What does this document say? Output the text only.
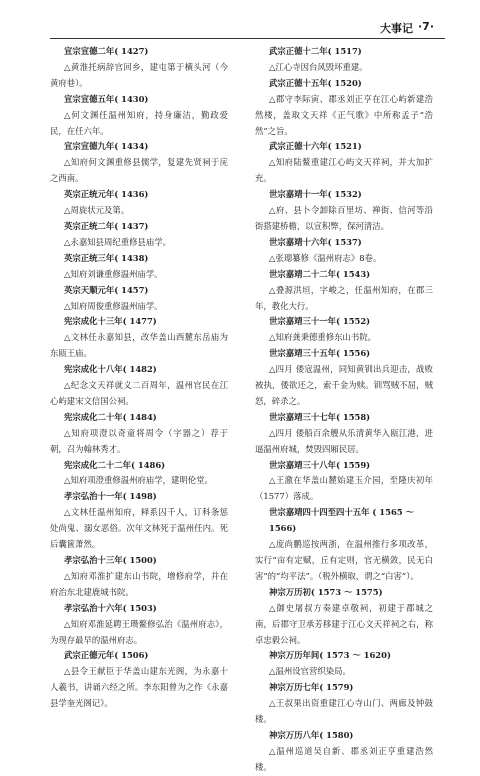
大事记 ·7·

宣宗宣德二年( 1427)

△黄淮托病辞官回乡，建屯第于横头河（今黄府巷）。

宣宗宣德五年( 1430)

△何文渊任温州知府，持身廉洁，勤政爱民，在任六年。

宣宗宣德九年( 1434)

△知府何文渊重修县儒学，复建先贤祠于庑之西南。

英宗正统元年( 1436)

△周旋状元及第。

英宗正统二年( 1437)

△永嘉知县周纪重修县庙学。

英宗正统三年( 1438)

△知府刘谦重修温州庙学。

英宗天顺元年( 1457)

△知府周俊重修温州庙学。

宪宗成化十三年( 1477)

△文林任永嘉知县，改华盖山西麓东岳庙为东瓯王庙。

宪宗成化十八年( 1482)

△纪念文天祥就义二百周年，温州官民在江心屿建宋文信国公祠。

宪宗成化二十年( 1484)

△知府项澄以奇童将周令（字器之）荐于朝，召为翰林秀才。

宪宗成化二十二年( 1486)

△知府项澄重修温州府庙学，建明伦堂。

孝宗弘治十一年( 1498)

△文林任温州知府，释系囚千人，订科条惩处尚鬼、溺女恶俗。次年文林死于温州任内。死后囊篋萧然。

孝宗弘治十三年( 1500)

△知府邓淮扩建东山书院，增修府学，并在府治东北建鹿城书院。

孝宗弘治十六年( 1503)

△知府邓淮延聘王瓒鳌修弘治《温州府志》，为现存最早的温州府志。

武宗正德元年( 1506)

△县令王献臣于华盖山建东光阁，为永嘉十人羲书，讲诵六经之所。李东阳曾为之作《永嘉县学奎光阁记》。

武宗正德十二年( 1517)

△江心寺因台风毁坏重建。

武宗正德十五年( 1520)

△郡守李际寅、郡丞刘正亨在江心屿新建浩然楼，盖取文天祥《正气歌》中所称孟子“浩然”之旨。

武宗正德十六年( 1521)

△知府陆鳌重建江心屿文天祥祠，并大加扩充。

世宗嘉靖十一年( 1532)

△府、县卜令卸除百里坊、禅街、信河等沿街搭建桥檐，以宣积弊，保河清洁。

世宗嘉靖十六年( 1537)

△张璁纂修《温州府志》8卷。

世宗嘉靖二十二年( 1543)

△叠源洪垣，字峻之，任温州知府，在郡三年，教化大行。

世宗嘉靖三十一年( 1552)

△知府龚秉德重修东山书院。

世宗嘉靖三十五年( 1556)

△四月 倭寇温州，同知黄钏出兵迎击，战败被执，倭欲还之，索千金为赎。钏骂贼不屈，贼怒，碎杀之。

世宗嘉靖三十七年( 1558)

△四月 倭船百余艘从乐清黄华入瓯江港，进逼温州府城，焚毁四厢民居。

世宗嘉靖三十八年( 1559)

△王激在华盖山麓始建玉介园，至隆庆初年（1577）落成。

世宗嘉靖四十四至四十五年 ( 1565 ～ 1566)

△庞尚鹏巡按两浙，在温州推行多项改革，实行“亩有定赋，丘有定则，官无横敛，民无白害”的“均平法”。（税外横取，谓之“白害”）。

神宗万历初( 1573 ～ 1575)

△御史屠叔方奏建卓敬祠，初建于郡城之南，后郡守卫承芳移建于江心文天祥祠之右，称卓忠毅公祠。

神宗万历年间( 1573 ～ 1620)

△温州设官营织染局。

神宗万历七年( 1579)

△王叔果出资重建江心寺山门、两廊及钟鼓楼。

神宗万历八年( 1580)

△温州巡道吴自新、郡丞刘正亨重建浩然楼。
